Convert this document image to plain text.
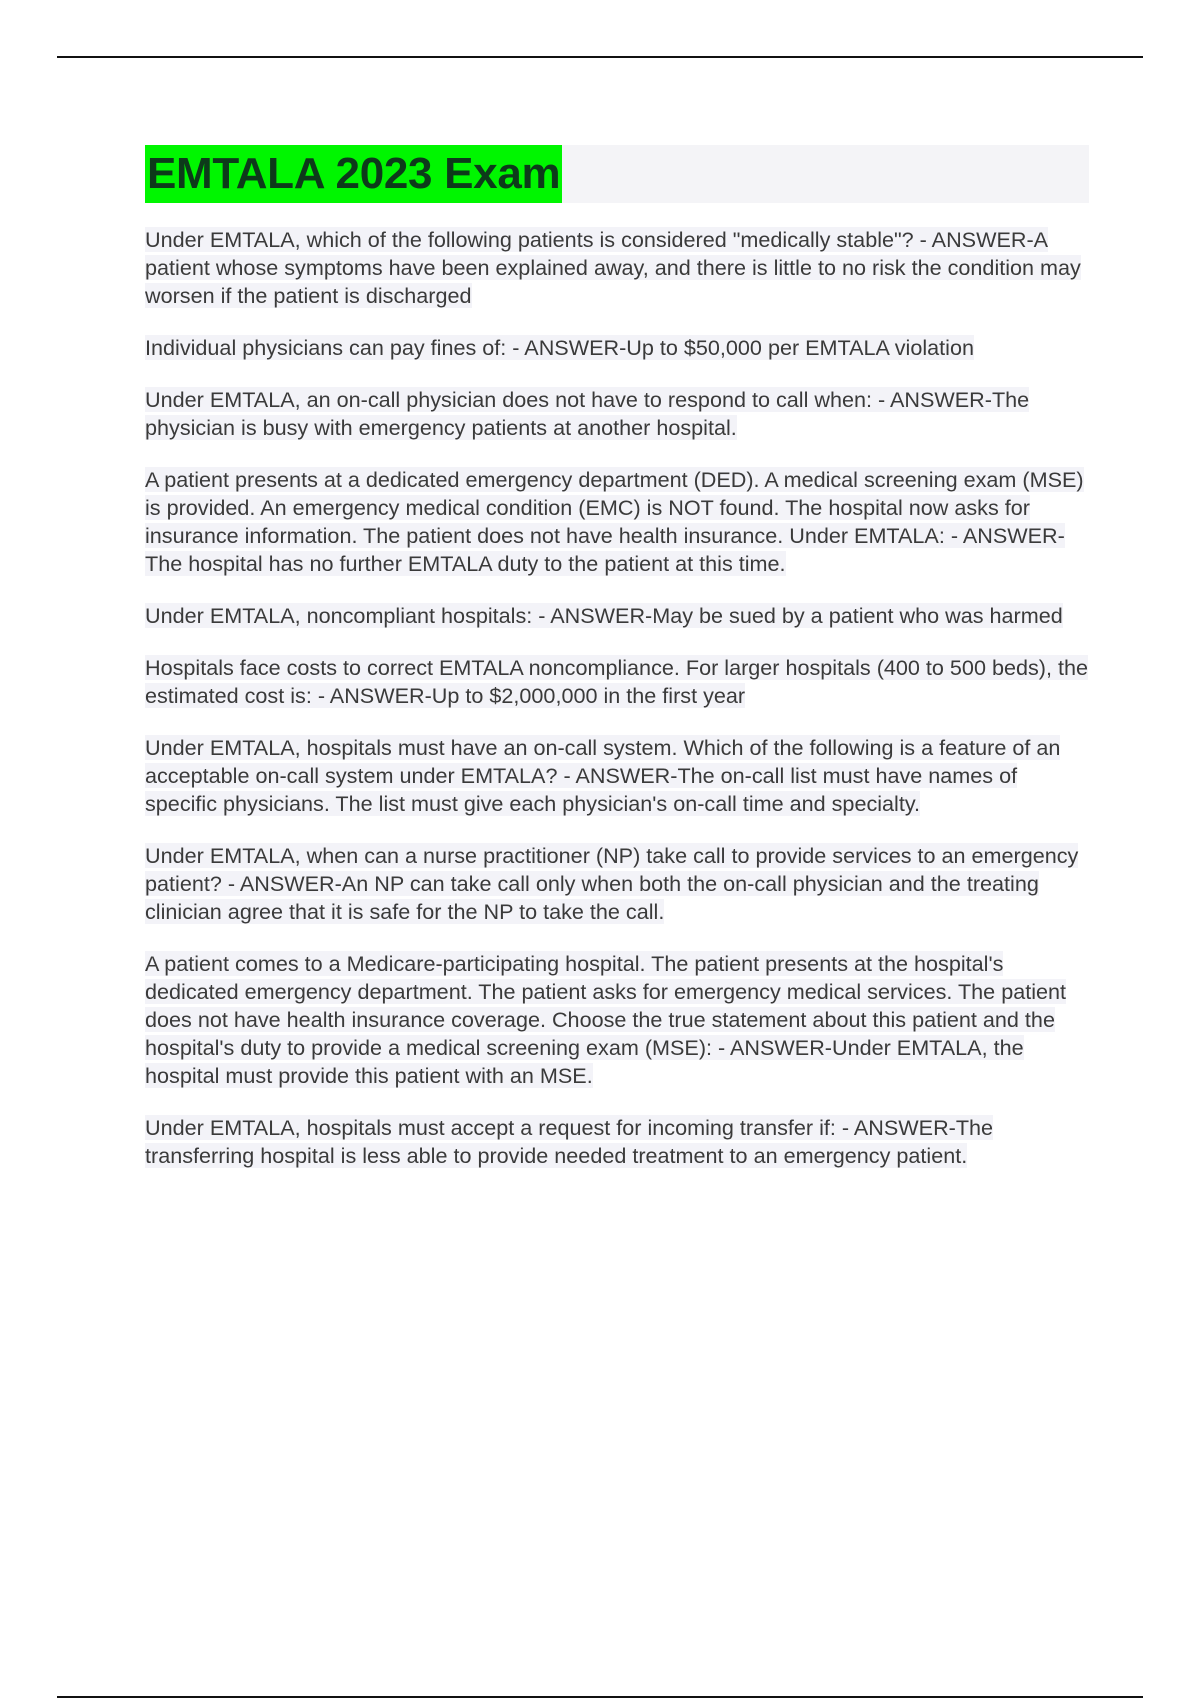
EMTALA 2023 Exam

Under EMTALA, which of the following patients is considered "medically stable"? - ANSWER-A patient whose symptoms have been explained away, and there is little to no risk the condition may worsen if the patient is discharged

Individual physicians can pay fines of: - ANSWER-Up to $50,000 per EMTALA violation

Under EMTALA, an on-call physician does not have to respond to call when: - ANSWER-The physician is busy with emergency patients at another hospital.

A patient presents at a dedicated emergency department (DED). A medical screening exam (MSE) is provided. An emergency medical condition (EMC) is NOT found. The hospital now asks for insurance information. The patient does not have health insurance. Under EMTALA: - ANSWER-The hospital has no further EMTALA duty to the patient at this time.

Under EMTALA, noncompliant hospitals: - ANSWER-May be sued by a patient who was harmed

Hospitals face costs to correct EMTALA noncompliance. For larger hospitals (400 to 500 beds), the estimated cost is: - ANSWER-Up to $2,000,000 in the first year

Under EMTALA, hospitals must have an on-call system. Which of the following is a feature of an acceptable on-call system under EMTALA? - ANSWER-The on-call list must have names of specific physicians. The list must give each physician's on-call time and specialty.

Under EMTALA, when can a nurse practitioner (NP) take call to provide services to an emergency patient? - ANSWER-An NP can take call only when both the on-call physician and the treating clinician agree that it is safe for the NP to take the call.

A patient comes to a Medicare-participating hospital. The patient presents at the hospital's dedicated emergency department. The patient asks for emergency medical services. The patient does not have health insurance coverage. Choose the true statement about this patient and the hospital's duty to provide a medical screening exam (MSE): - ANSWER-Under EMTALA, the hospital must provide this patient with an MSE.

Under EMTALA, hospitals must accept a request for incoming transfer if: - ANSWER-The transferring hospital is less able to provide needed treatment to an emergency patient.
